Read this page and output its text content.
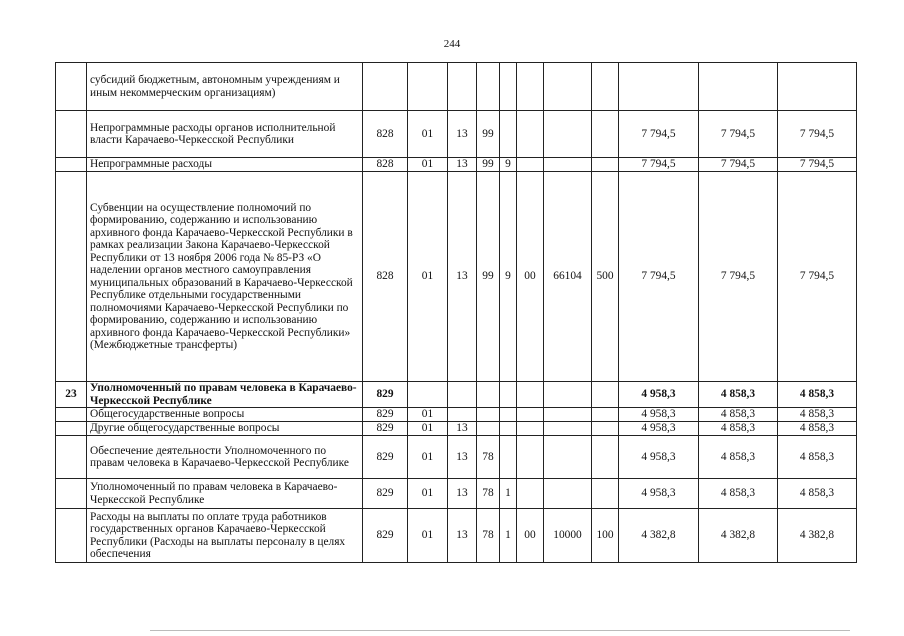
244
	субсидий бюджетным, автономным учреждениям и иным некоммерческим организациям)											
	Непрограммные расходы органов исполнительной власти Карачаево-Черкесской Республики	828	01	13	99					7 794,5	7 794,5	7 794,5
	Непрограммные расходы	828	01	13	99	9				7 794,5	7 794,5	7 794,5
	Субвенции на осуществление полномочий по формированию, содержанию и использованию архивного фонда Карачаево-Черкесской Республики в рамках реализации Закона Карачаево-Черкесской Республики от 13 ноября 2006 года № 85-РЗ «О наделении органов местного самоуправления муниципальных образований в Карачаево-Черкесской Республике отдельными государственными полномочиями Карачаево-Черкесской Республики по формированию, содержанию и использованию архивного фонда Карачаево-Черкесской Республики» (Межбюджетные трансферты)	828	01	13	99	9	00	66104	500	7 794,5	7 794,5	7 794,5
23	Уполномоченный по правам человека в Карачаево-Черкесской Республике	829								4 958,3	4 858,3	4 858,3
	Общегосударственные вопросы	829	01							4 958,3	4 858,3	4 858,3
	Другие общегосударственные вопросы	829	01	13						4 958,3	4 858,3	4 858,3
	Обеспечение деятельности Уполномоченного по правам человека в Карачаево-Черкесской Республике	829	01	13	78					4 958,3	4 858,3	4 858,3
	Уполномоченный по правам человека в Карачаево-Черкесской Республике	829	01	13	78	1				4 958,3	4 858,3	4 858,3
	Расходы на выплаты по оплате труда работников государственных органов Карачаево-Черкесской Республики (Расходы на выплаты персоналу в целях обеспечения	829	01	13	78	1	00	10000	100	4 382,8	4 382,8	4 382,8
